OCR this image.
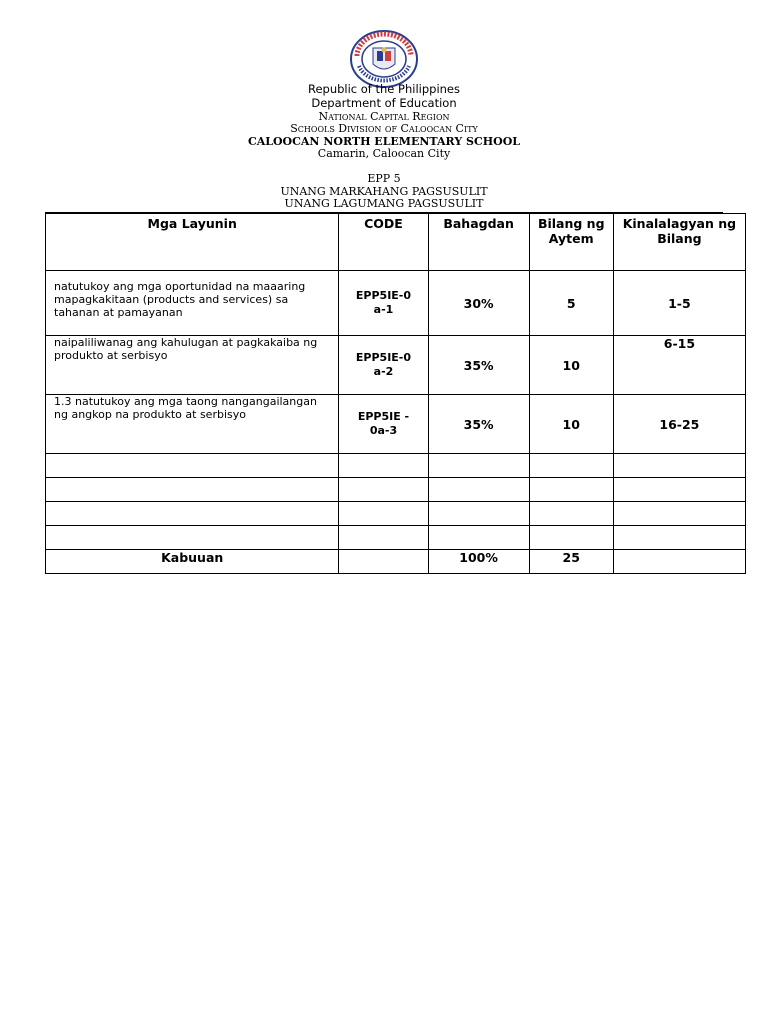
Republic of the Philippines
Department of Education
National Capital Region
Schools Division of Caloocan City
CALOOCAN NORTH ELEMENTARY SCHOOL
Camarin, Caloocan City
EPP 5
UNANG MARKAHANG PAGSUSULIT
UNANG LAGUMANG PAGSUSULIT
Mga Layunin	CODE	Bahagdan	Bilang ng Aytem	Kinalalagyan ng Bilang
natutukoy ang mga oportunidad na maaaring mapagkakitaan (products and services) sa tahanan at pamayanan	EPP5IE-0a-1	30%	5	1-5
naipaliliwanag ang kahulugan at pagkakaiba ng produkto at serbisyo	EPP5IE-0a-2	35%	10	6-15
1.3 natutukoy ang mga taong nangangailangan ng angkop na produkto at serbisyo	EPP5IE -0a-3	35%	10	16-25

Kabuuan		100%	25	
